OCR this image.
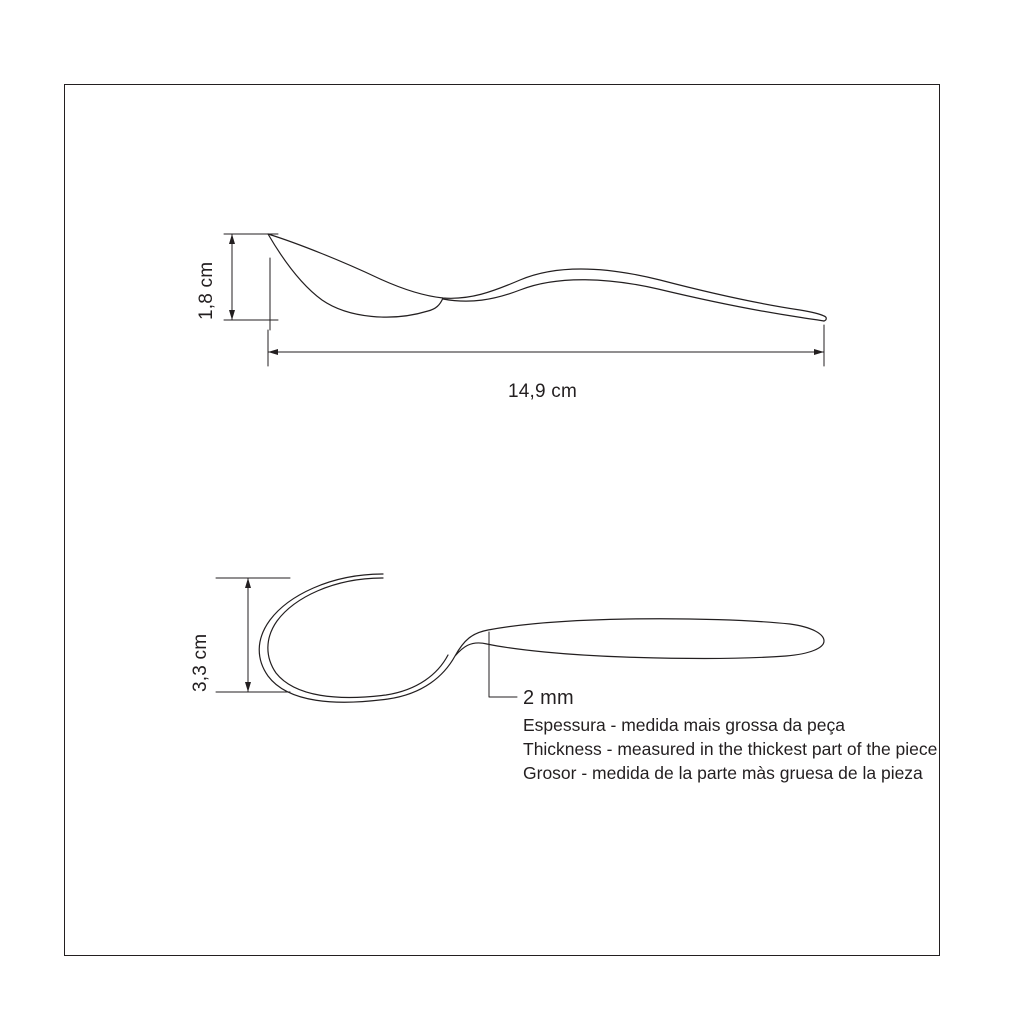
1,8 cm
14,9 cm
3,3 cm
2 mm
Espessura - medida mais grossa da peça
Thickness - measured in the thickest part of the piece
Grosor - medida de la parte màs gruesa de la pieza
